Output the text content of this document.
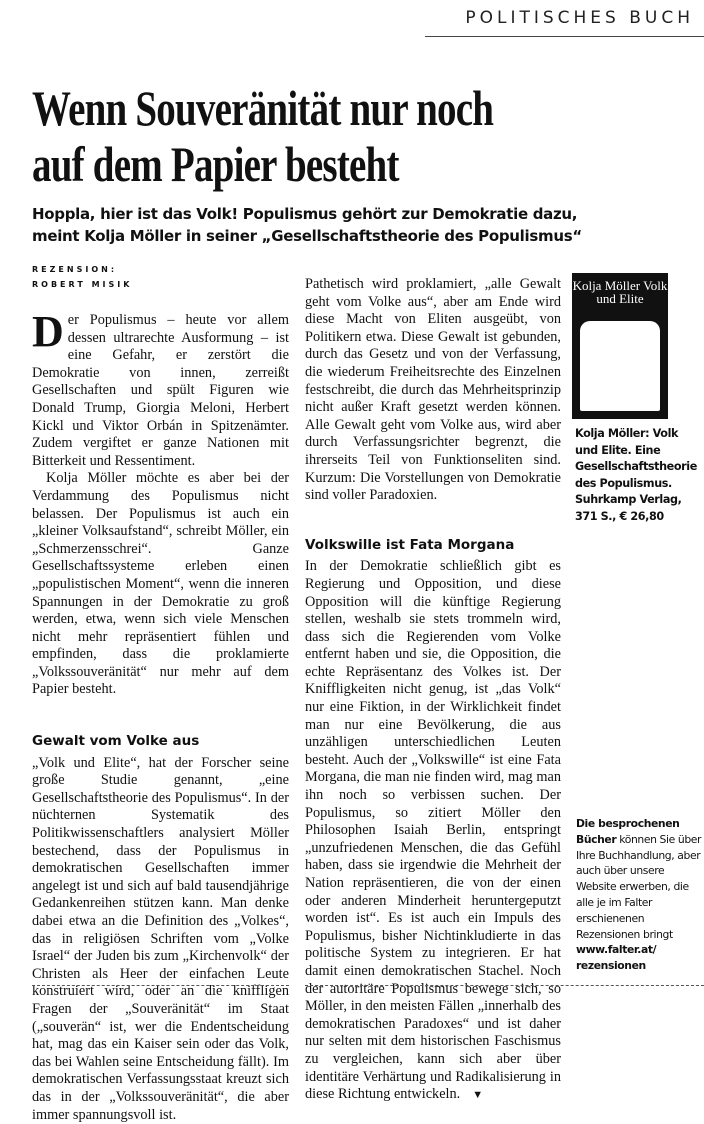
POLITISCHES BUCH
Wenn Souveränität nur noch
auf dem Papier besteht
Hoppla, hier ist das Volk! Populismus gehört zur Demokratie dazu,
meint Kolja Möller in seiner „Gesellschaftstheorie des Populismus“
REZENSION:
ROBERT MISIK

Der Populismus – heute vor allem dessen ultrarechte Ausformung – ist eine Gefahr, er zerstört die Demokratie von innen, zerreißt Gesellschaften und spült Figuren wie Donald Trump, Giorgia Meloni, Herbert Kickl und Viktor Orbán in Spitzenämter. Zudem vergiftet er ganze Nationen mit Bitterkeit und Ressentiment.

Kolja Möller möchte es aber bei der Verdammung des Populismus nicht belassen. Der Populismus ist auch ein „kleiner Volksaufstand“, schreibt Möller, ein „Schmerzensschrei“. Ganze Gesellschaftssysteme erleben einen „populistischen Moment“, wenn die inneren Spannungen in der Demokratie zu groß werden, etwa, wenn sich viele Menschen nicht mehr repräsentiert fühlen und empfinden, dass die proklamierte „Volkssouveränität“ nur mehr auf dem Papier besteht.

Gewalt vom Volke aus

„Volk und Elite“, hat der Forscher seine große Studie genannt, „eine Gesellschaftstheorie des Populismus“. In der nüchternen Systematik des Politikwissenschaftlers analysiert Möller bestechend, dass der Populismus in demokratischen Gesellschaften immer angelegt ist und sich auf bald tausendjährige Gedankenreihen stützen kann. Man denke dabei etwa an die Definition des „Volkes“, das in religiösen Schriften vom „Volke Israel“ der Juden bis zum „Kirchenvolk“ der Christen als Heer der einfachen Leute konstruiert wird, oder an die kniffligen Fragen der „Souveränität“ im Staat („souverän“ ist, wer die Endentscheidung hat, mag das ein Kaiser sein oder das Volk, das bei Wahlen seine Entscheidung fällt). Im demokratischen Verfassungsstaat kreuzt sich das in der „Volkssouveränität“, die aber immer spannungsvoll ist.

Pathetisch wird proklamiert, „alle Gewalt geht vom Volke aus“, aber am Ende wird diese Macht von Eliten ausgeübt, von Politikern etwa. Diese Gewalt ist gebunden, durch das Gesetz und von der Verfassung, die wiederum Freiheitsrechte des Einzelnen festschreibt, die durch das Mehrheitsprinzip nicht außer Kraft gesetzt werden können. Alle Gewalt geht vom Volke aus, wird aber durch Verfassungsrichter begrenzt, die ihrerseits Teil von Funktionseliten sind. Kurzum: Die Vorstellungen von Demokratie sind voller Paradoxien.

Volkswille ist Fata Morgana

In der Demokratie schließlich gibt es Regierung und Opposition, und diese Opposition will die künftige Regierung stellen, weshalb sie stets trommeln wird, dass sich die Regierenden vom Volke entfernt haben und sie, die Opposition, die echte Repräsentanz des Volkes ist. Der Kniffligkeiten nicht genug, ist „das Volk“ nur eine Fiktion, in der Wirklichkeit findet man nur eine Bevölkerung, die aus unzähligen unterschiedlichen Leuten besteht. Auch der „Volkswille“ ist eine Fata Morgana, die man nie finden wird, mag man ihn noch so verbissen suchen. Der Populismus, so zitiert Möller den Philosophen Isaiah Berlin, entspringt „unzufriedenen Menschen, die das Gefühl haben, dass sie irgendwie die Mehrheit der Nation repräsentieren, die von der einen oder anderen Minderheit heruntergeputzt worden ist“. Es ist auch ein Impuls des Populismus, bisher Nichtinkludierte in das politische System zu integrieren. Er hat damit einen demokratischen Stachel. Noch der autoritäre Populismus bewege sich, so Möller, in den meisten Fällen „innerhalb des demokratischen Paradoxes“ und ist daher nur selten mit dem historischen Faschismus zu vergleichen, kann sich aber über identitäre Verhärtung und Radikalisierung in diese Richtung entwickeln. ▼

Kolja Möller Volk und Elite
Kolja Möller: Volk und Elite. Eine Gesellschaftstheorie des Populismus. Suhrkamp Verlag, 371 S., € 26,80
Die besprochenen Bücher können Sie über Ihre Buchhandlung, aber auch über unsere Website erwerben, die alle je im Falter erschienenen Rezensionen bringt www.falter.at/ rezensionen
